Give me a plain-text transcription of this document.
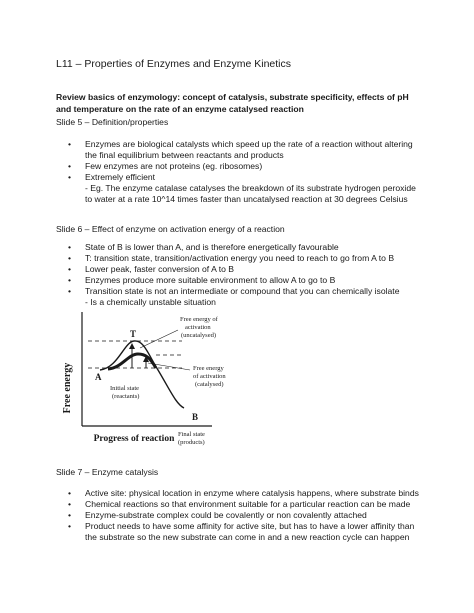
L11 – Properties of Enzymes and Enzyme Kinetics
Review basics of enzymology: concept of catalysis, substrate specificity, effects of pH
and temperature on the rate of an enzyme catalysed reaction
Slide 5 – Definition/properties
• Enzymes are biological catalysts which speed up the rate of a reaction without altering
the final equilibrium between reactants and products
• Few enzymes are not proteins (eg. ribosomes)
• Extremely efficient
- Eg. The enzyme catalase catalyses the breakdown of its substrate hydrogen peroxide
to water at a rate 10^14 times faster than uncatalysed reaction at 30 degrees Celsius
Slide 6 – Effect of enzyme on activation energy of a reaction
• State of B is lower than A, and is therefore energetically favourable
• T: transition state, transition/activation energy you need to reach to go from A to B
• Lower peak, faster conversion of A to B
• Enzymes produce more suitable environment to allow A to go to B
• Transition state is not an intermediate or compound that you can chemically isolate
- Is a chemically unstable situation
Free energy
Progress of reaction
T
A
B
Initial state
(reactants)
Final state
(products)
Free energy of
activation
(uncatalysed)
Free energy
of activation
(catalysed)
Slide 7 – Enzyme catalysis
• Active site: physical location in enzyme where catalysis happens, where substrate binds
• Chemical reactions so that environment suitable for a particular reaction can be made
• Enzyme-substrate complex could be covalently or non covalently attached
• Product needs to have some affinity for active site, but has to have a lower affinity than
the substrate so the new substrate can come in and a new reaction cycle can happen
